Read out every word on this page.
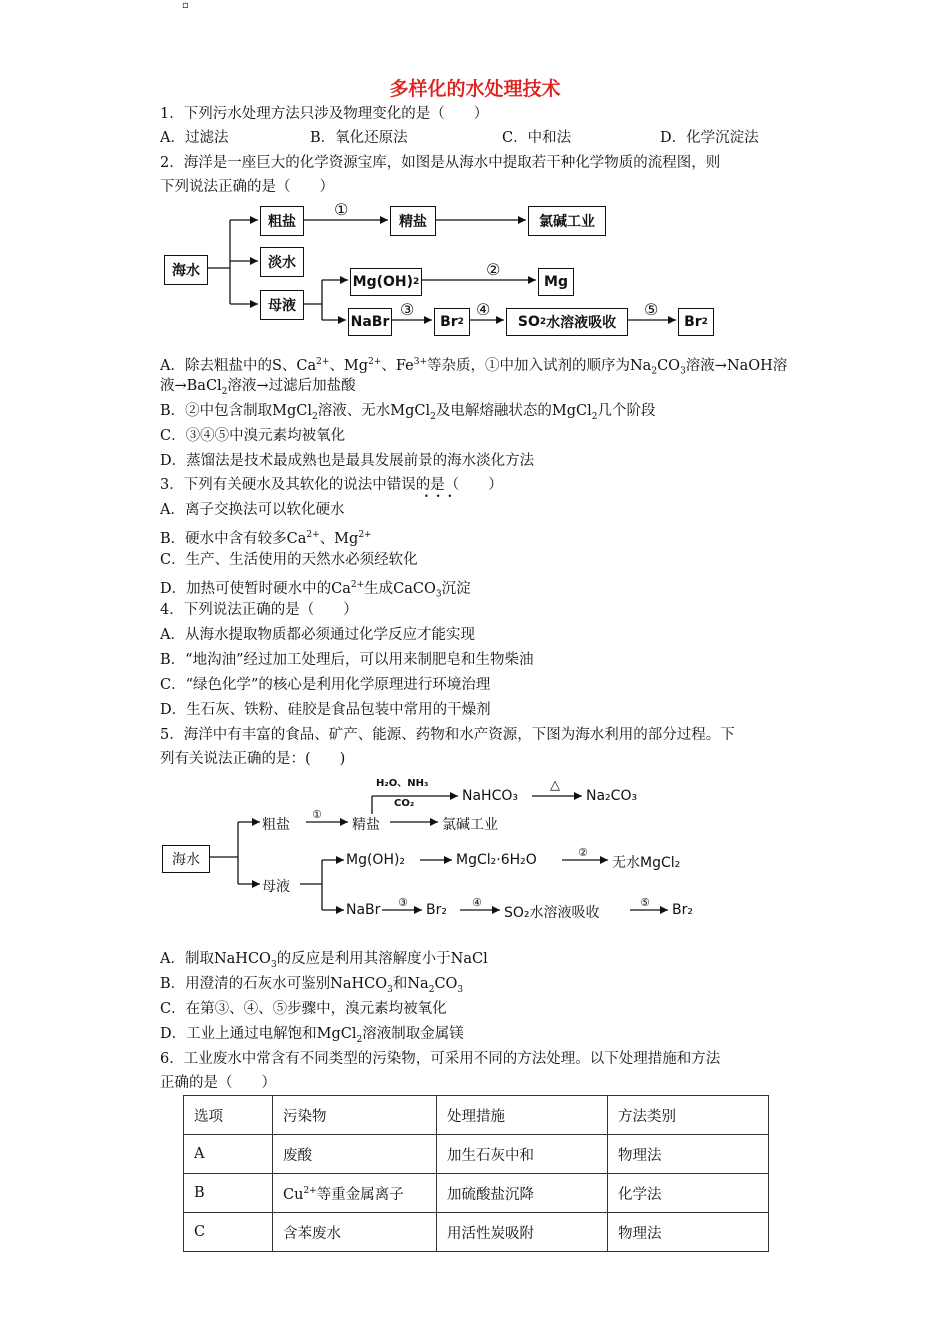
▫
多样化的水处理技术
1．下列污水处理方法只涉及物理变化的是（　　）
A．过滤法	B．氧化还原法	C．中和法	D．化学沉淀法
2．海洋是一座巨大的化学资源宝库，如图是从海水中提取若干种化学物质的流程图，则
下列说法正确的是（　　）
海水
粗盐	精盐	氯碱工业
淡水
母液
Mg(OH) 2	Mg
NaBr	Br 2	SO 2 水溶液吸收	Br 2
①
②
③	④	⑤
A．除去粗盐中的S、$Ca^{2+}$、$Mg^{2+}$、$Fe^{3+}$等杂质，①中加入试剂的顺序为$Na_2CO_3$溶液→NaOH溶
液→BaCl$_2$溶液→过滤后加盐酸
B．②中包含制取MgCl$_2$溶液、无水MgCl$_2$及电解熔融状态的MgCl$_2$几个阶段
C．③④⑤中溴元素均被氧化
D．蒸馏法是技术最成熟也是最具发展前景的海水淡化方法
3．下列有关硬水及其软化的说法中错误的是（　　）
•••
A．离子交换法可以软化硬水
B．硬水中含有较多$Ca^{2+}$、$Mg^{2+}$
C．生产、生活使用的天然水必须经软化
D．加热可使暂时硬水中的$Ca^{2+}$生成CaCO$_3$沉淀
4．下列说法正确的是（　　）
A．从海水提取物质都必须通过化学反应才能实现
B．“地沟油”经过加工处理后，可以用来制肥皂和生物柴油
C．“绿色化学”的核心是利用化学原理进行环境治理
D．生石灰、铁粉、硅胶是食品包装中常用的干燥剂
5．海洋中有丰富的食品、矿产、能源、药物和水产资源，下图为海水利用的部分过程。下
列有关说法正确的是：(　　)
海水
粗盐	精盐	氯碱工业
H₂O、NH₃
CO₂	NaHCO₃
△
Na₂CO₃
母液
Mg(OH)₂	MgCl₂·6H₂O	无水MgCl₂
NaBr	Br₂	SO₂水溶液吸收	Br₂
①
②
③	④	⑤
A．制取NaHCO$_3$的反应是利用其溶解度小于NaCl
B．用澄清的石灰水可鉴别NaHCO$_3$和$Na_2CO_3$
C．在第③、④、⑤步骤中，溴元素均被氧化
D．工业上通过电解饱和MgCl$_2$溶液制取金属镁
6．工业废水中常含有不同类型的污染物，可采用不同的方法处理。以下处理措施和方法
正确的是（　　）
选项	污染物	处理措施	方法类别
A	废酸	加生石灰中和	物理法
B	$Cu^{2+}$等重金属离子	加硫酸盐沉降	化学法
C	含苯废水	用活性炭吸附	物理法
